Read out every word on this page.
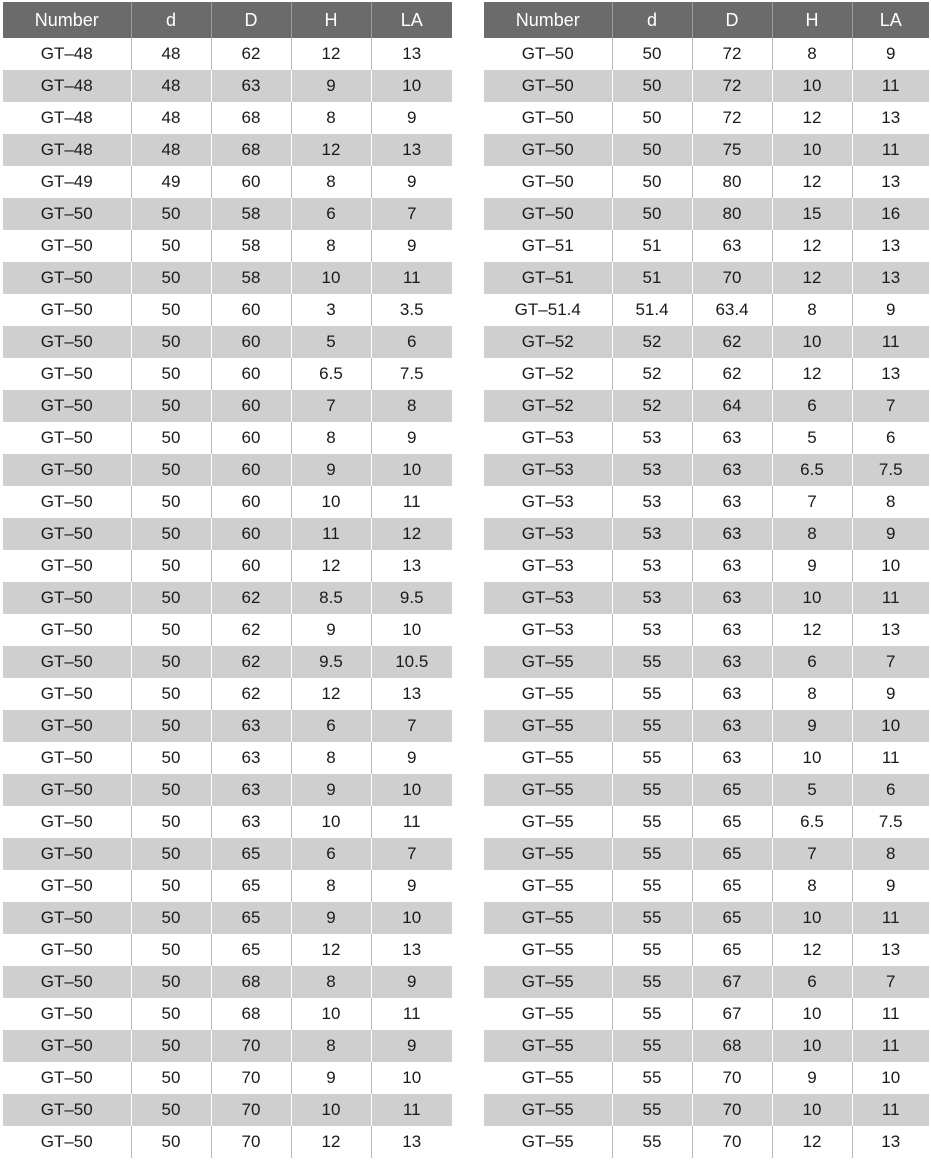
Number	d	D	H	LA
GT–48	48	62	12	13
GT–48	48	63	9	10
GT–48	48	68	8	9
GT–48	48	68	12	13
GT–49	49	60	8	9
GT–50	50	58	6	7
GT–50	50	58	8	9
GT–50	50	58	10	11
GT–50	50	60	3	3.5
GT–50	50	60	5	6
GT–50	50	60	6.5	7.5
GT–50	50	60	7	8
GT–50	50	60	8	9
GT–50	50	60	9	10
GT–50	50	60	10	11
GT–50	50	60	11	12
GT–50	50	60	12	13
GT–50	50	62	8.5	9.5
GT–50	50	62	9	10
GT–50	50	62	9.5	10.5
GT–50	50	62	12	13
GT–50	50	63	6	7
GT–50	50	63	8	9
GT–50	50	63	9	10
GT–50	50	63	10	11
GT–50	50	65	6	7
GT–50	50	65	8	9
GT–50	50	65	9	10
GT–50	50	65	12	13
GT–50	50	68	8	9
GT–50	50	68	10	11
GT–50	50	70	8	9
GT–50	50	70	9	10
GT–50	50	70	10	11
GT–50	50	70	12	13
Number	d	D	H	LA
GT–50	50	72	8	9
GT–50	50	72	10	11
GT–50	50	72	12	13
GT–50	50	75	10	11
GT–50	50	80	12	13
GT–50	50	80	15	16
GT–51	51	63	12	13
GT–51	51	70	12	13
GT–51.4	51.4	63.4	8	9
GT–52	52	62	10	11
GT–52	52	62	12	13
GT–52	52	64	6	7
GT–53	53	63	5	6
GT–53	53	63	6.5	7.5
GT–53	53	63	7	8
GT–53	53	63	8	9
GT–53	53	63	9	10
GT–53	53	63	10	11
GT–53	53	63	12	13
GT–55	55	63	6	7
GT–55	55	63	8	9
GT–55	55	63	9	10
GT–55	55	63	10	11
GT–55	55	65	5	6
GT–55	55	65	6.5	7.5
GT–55	55	65	7	8
GT–55	55	65	8	9
GT–55	55	65	10	11
GT–55	55	65	12	13
GT–55	55	67	6	7
GT–55	55	67	10	11
GT–55	55	68	10	11
GT–55	55	70	9	10
GT–55	55	70	10	11
GT–55	55	70	12	13
